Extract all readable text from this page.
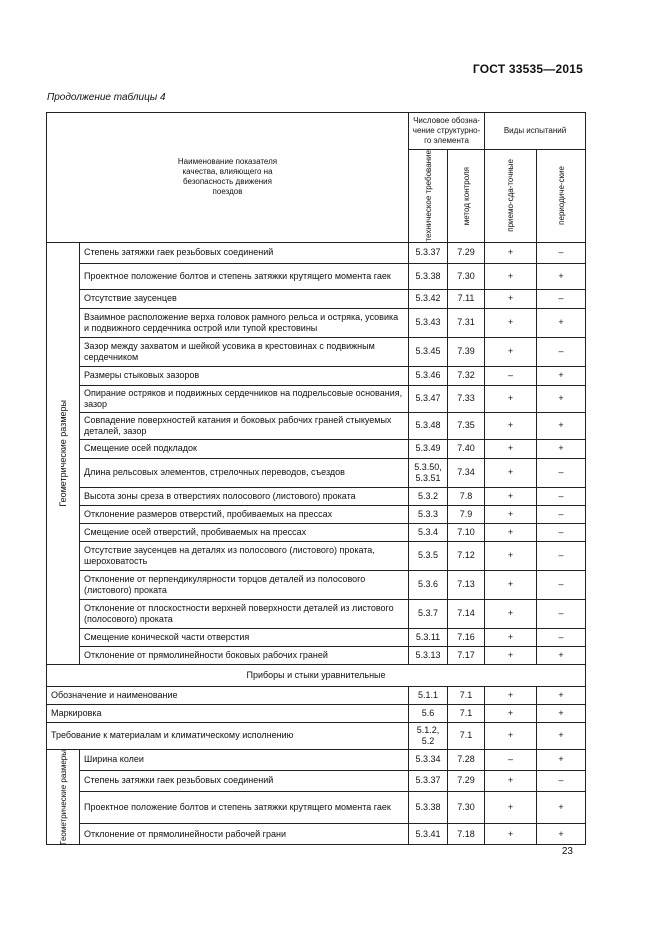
ГОСТ 33535—2015
Продолжение таблицы 4
Наименование показателя качества, влияющего на безопасность движения поездов		Числовое обозна-чение структурно-го элемента		Виды испытаний	

		техническое требование	метод контроля	приемо-сда-точные	периодиче-ские

Геометрические размеры	Степень затяжки гаек резьбовых соединений	5.3.37	7.29	+	–
	Проектное положение болтов и степень затяжки крутящего момента гаек	5.3.38	7.30	+	+
	Отсутствие заусенцев	5.3.42	7.11	+	–
	Взаимное расположение верха головок рамного рельса и остряка, усовика и подвижного сердечника острой или тупой крестовины	5.3.43	7.31	+	+
	Зазор между захватом и шейкой усовика в крестовинах с подвижным сердечником	5.3.45	7.39	+	–
	Размеры стыковых зазоров	5.3.46	7.32	–	+
	Опирание остряков и подвижных сердечников на подрельсовые основания, зазор	5.3.47	7.33	+	+
	Совпадение поверхностей катания и боковых рабочих граней стыкуемых деталей, зазор	5.3.48	7.35	+	+
	Смещение осей подкладок	5.3.49	7.40	+	+
	Длина рельсовых элементов, стрелочных переводов, съездов	5.3.50, 5.3.51	7.34	+	–
	Высота зоны среза в отверстиях полосового (листового) проката	5.3.2	7.8	+	–
	Отклонение размеров отверстий, пробиваемых на прессах	5.3.3	7.9	+	–
	Смещение осей отверстий, пробиваемых на прессах	5.3.4	7.10	+	–
	Отсутствие заусенцев на деталях из полосового (листового) проката, шероховатость	5.3.5	7.12	+	–
	Отклонение от перпендикулярности торцов деталей из полосового (листового) проката	5.3.6	7.13	+	–
	Отклонение от плоскостности верхней поверхности деталей из листового (полосового) проката	5.3.7	7.14	+	–
	Смещение конической части отверстия	5.3.11	7.16	+	–
	Отклонение от прямолинейности боковых рабочих граней	5.3.13	7.17	+	+
Приборы и стыки уравнительные					
Обозначение и наименование		5.1.1	7.1	+	+
Маркировка		5.6	7.1	+	+
Требование к материалам и климатическому исполнению		5.1.2, 5.2	7.1	+	+

Геометрические размеры	Ширина колеи	5.3.34	7.28	–	+
	Степень затяжки гаек резьбовых соединений	5.3.37	7.29	+	–
	Проектное положение болтов и степень затяжки крутящего момента гаек	5.3.38	7.30	+	+
	Отклонение от прямолинейности рабочей грани	5.3.41	7.18	+	+
23
